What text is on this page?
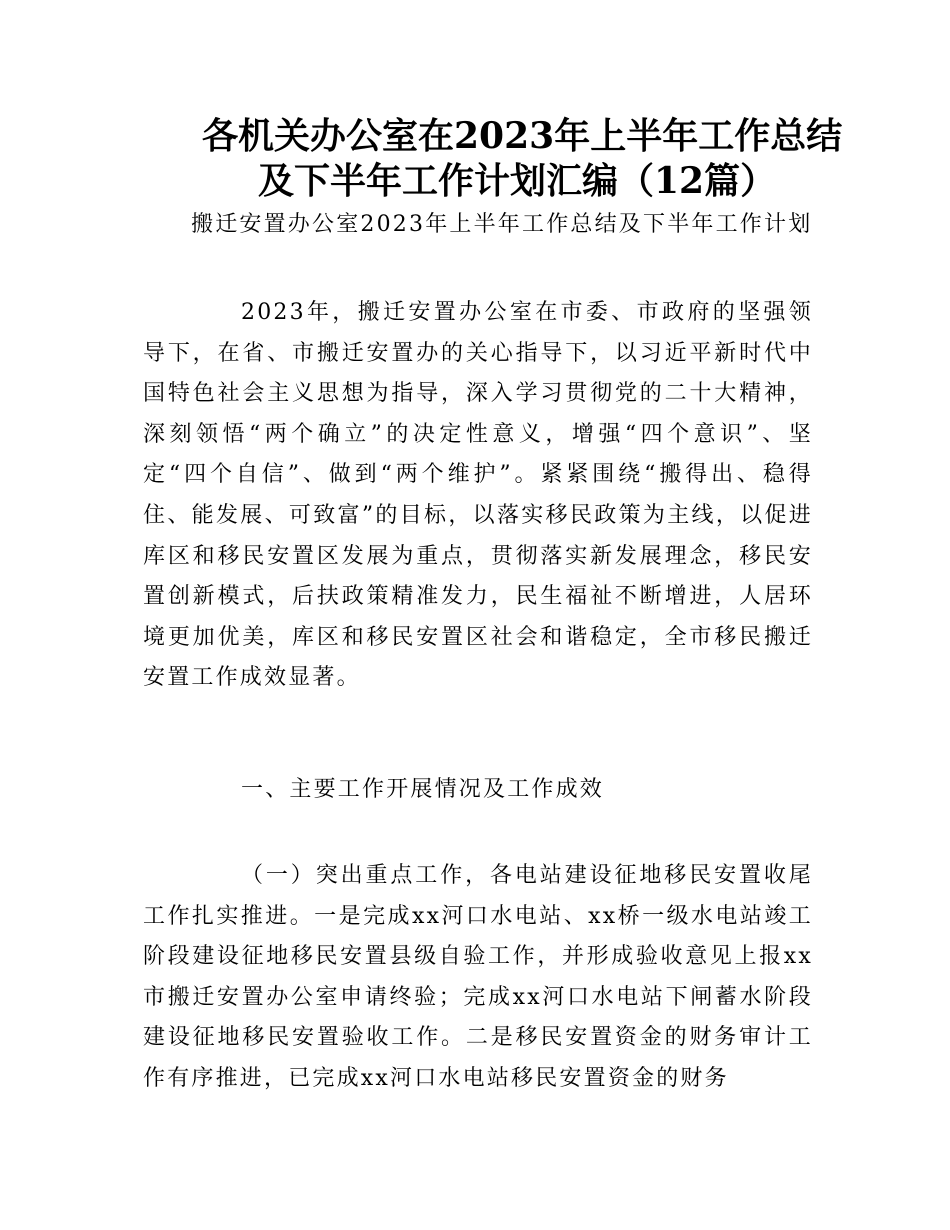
各机关办公室在2023年上半年工作总结
及下半年工作计划汇编（12篇）

搬迁安置办公室2023年上半年工作总结及下半年工作计划

2023年，搬迁安置办公室在市委、市政府的坚强领导下，在省、市搬迁安置办的关心指导下，以习近平新时代中国特色社会主义思想为指导，深入学习贯彻党的二十大精神，深刻领悟“两个确立”的决定性意义，增强“四个意识”、坚定“四个自信”、做到“两个维护”。紧紧围绕“搬得出、稳得住、能发展、可致富”的目标，以落实移民政策为主线，以促进库区和移民安置区发展为重点，贯彻落实新发展理念，移民安置创新模式，后扶政策精准发力，民生福祉不断增进，人居环境更加优美，库区和移民安置区社会和谐稳定，全市移民搬迁安置工作成效显著。

一、主要工作开展情况及工作成效

（一）突出重点工作，各电站建设征地移民安置收尾工作扎实推进。一是完成xx河口水电站、xx桥一级水电站竣工阶段建设征地移民安置县级自验工作，并形成验收意见上报xx市搬迁安置办公室申请终验；完成xx河口水电站下闸蓄水阶段建设征地移民安置验收工作。二是移民安置资金的财务审计工作有序推进，已完成xx河口水电站移民安置资金的财务
